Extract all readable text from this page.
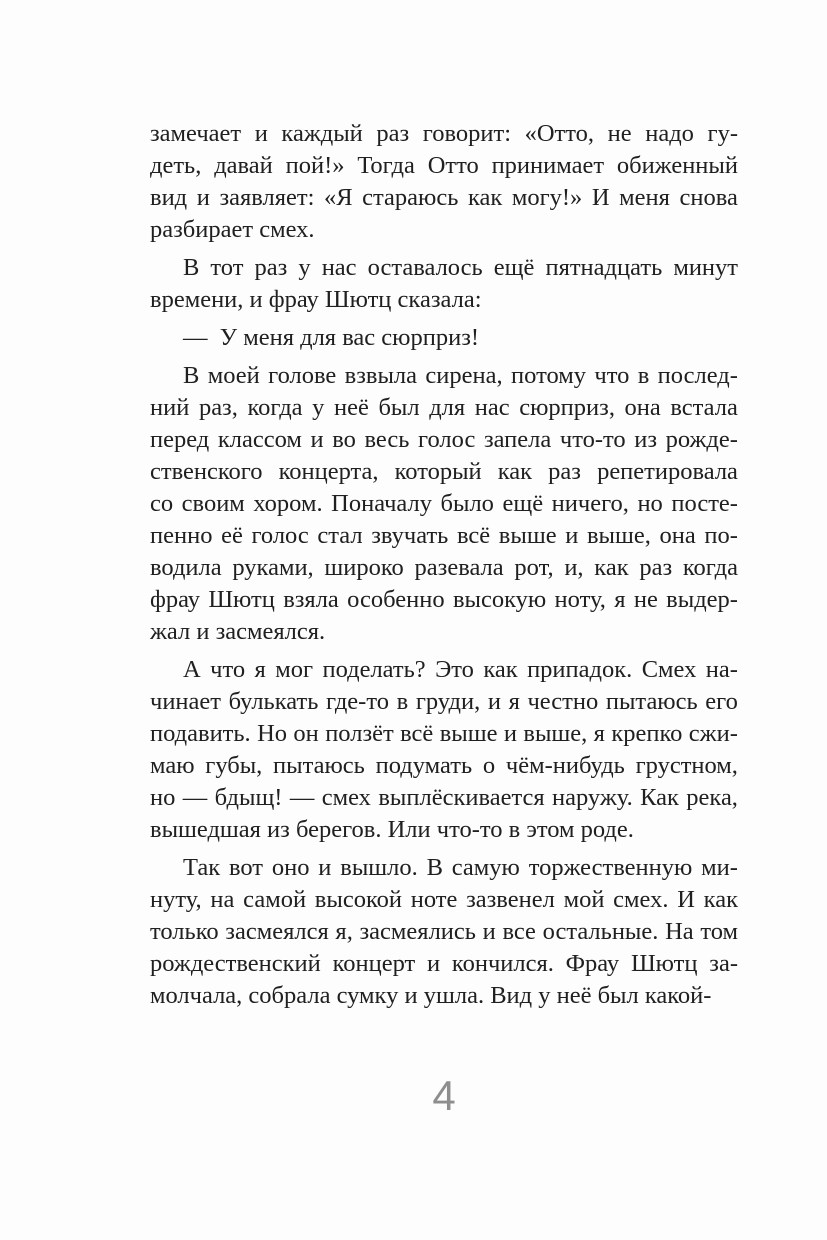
замечает и каждый раз говорит: «Отто, не надо гу-
деть, давай пой!» Тогда Отто принимает обиженный
вид и заявляет: «Я стараюсь как могу!» И меня снова
разбирает смех.
В тот раз у нас оставалось ещё пятнадцать минут
времени, и фрау Шютц сказала:
— У меня для вас сюрприз!
В моей голове взвыла сирена, потому что в послед-
ний раз, когда у неё был для нас сюрприз, она встала
перед классом и во весь голос запела что-то из рожде-
ственского концерта, который как раз репетировала
со своим хором. Поначалу было ещё ничего, но посте-
пенно её голос стал звучать всё выше и выше, она по-
водила руками, широко разевала рот, и, как раз когда
фрау Шютц взяла особенно высокую ноту, я не выдер-
жал и засмеялся.
А что я мог поделать? Это как припадок. Смех на-
чинает булькать где-то в груди, и я честно пытаюсь его
подавить. Но он ползёт всё выше и выше, я крепко сжи-
маю губы, пытаюсь подумать о чём-нибудь грустном,
но — бдыщ! — смех выплёскивается наружу. Как река,
вышедшая из берегов. Или что-то в этом роде.
Так вот оно и вышло. В самую торжественную ми-
нуту, на самой высокой ноте зазвенел мой смех. И как
только засмеялся я, засмеялись и все остальные. На том
рождественский концерт и кончился. Фрау Шютц за-
молчала, собрала сумку и ушла. Вид у неё был какой-
4
